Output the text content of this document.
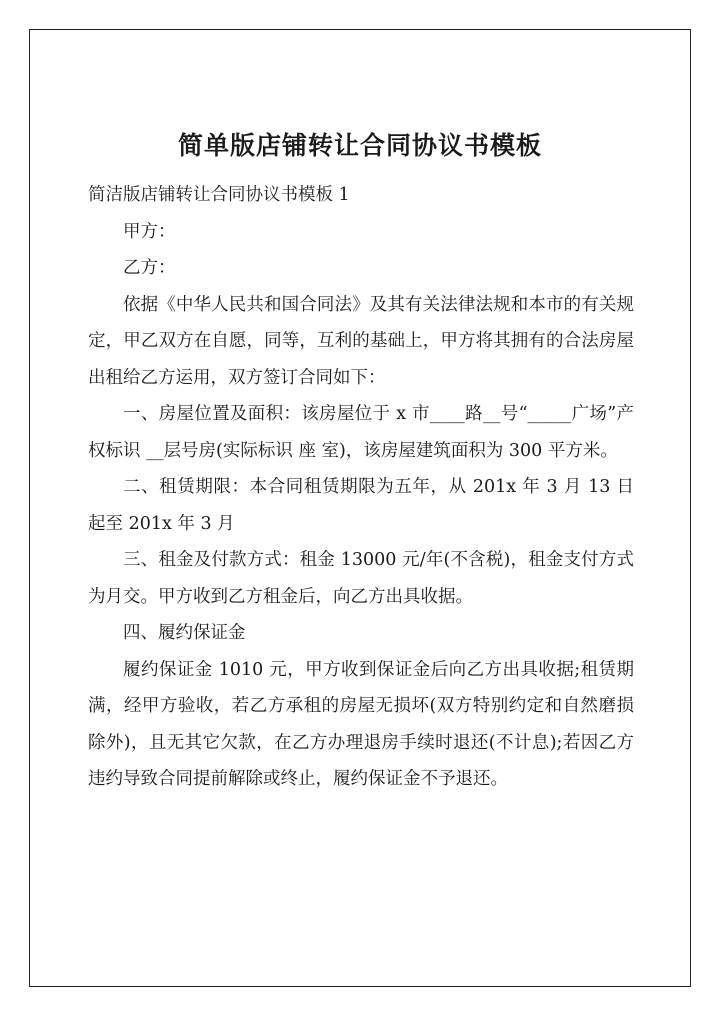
简单版店铺转让合同协议书模板

简洁版店铺转让合同协议书模板 1

甲方：

乙方：

依据《中华人民共和国合同法》及其有关法律法规和本市的有关规定，甲乙双方在自愿，同等，互利的基础上，甲方将其拥有的合法房屋出租给乙方运用，双方签订合同如下：

一、房屋位置及面积：该房屋位于 x 市____路__号“_____广场”产权标识 __层号房(实际标识 座 室)，该房屋建筑面积为 300 平方米。

二、租赁期限：本合同租赁期限为五年，从 201x 年 3 月 13 日起至 201x 年 3 月

三、租金及付款方式：租金 13000 元/年(不含税)，租金支付方式为月交。甲方收到乙方租金后，向乙方出具收据。

四、履约保证金

履约保证金 1010 元，甲方收到保证金后向乙方出具收据;租赁期满，经甲方验收，若乙方承租的房屋无损坏(双方特别约定和自然磨损除外)，且无其它欠款，在乙方办理退房手续时退还(不计息);若因乙方违约导致合同提前解除或终止，履约保证金不予退还。
